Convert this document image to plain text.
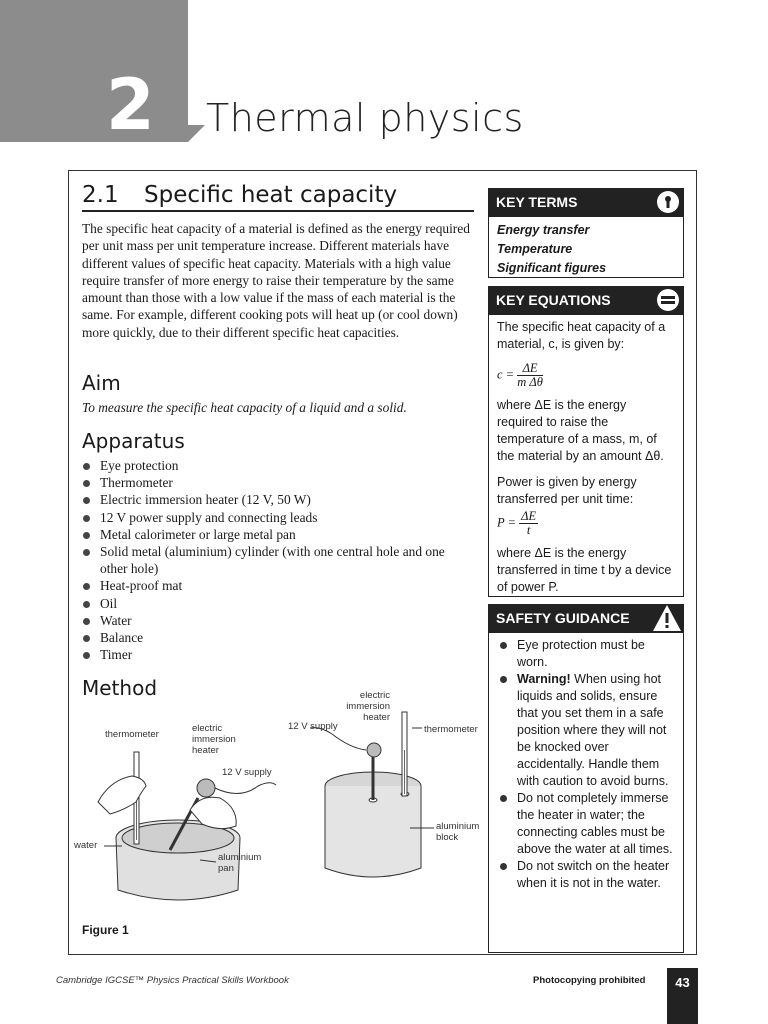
2 Thermal physics
2.1 Specific heat capacity
The specific heat capacity of a material is defined as the energy required per unit mass per unit temperature increase. Different materials have different values of specific heat capacity. Materials with a high value require transfer of more energy to raise their temperature by the same amount than those with a low value if the mass of each material is the same. For example, different cooking pots will heat up (or cool down) more quickly, due to their different specific heat capacities.
Aim
To measure the specific heat capacity of a liquid and a solid.
Apparatus
Eye protection
Thermometer
Electric immersion heater (12 V, 50 W)
12 V power supply and connecting leads
Metal calorimeter or large metal pan
Solid metal (aluminium) cylinder (with one central hole and one other hole)
Heat-proof mat
Oil
Water
Balance
Timer
Method
thermometer
electric immersion heater
12 V supply
water
aluminium pan
electric immersion heater
12 V supply	thermometer
aluminium block
Figure 1
KEY TERMS
Energy transfer
Temperature
Significant figures
KEY EQUATIONS

The specific heat capacity of a material, c, is given by:

$c = \frac{\Delta E}{\text{m Δθ}}$

where ΔE is the energy required to raise the temperature of a mass, m, of the material by an amount Δθ.

Power is given by energy transferred per unit time:

$P = \frac{\Delta E}{t}$

where ΔE is the energy transferred in time t by a device of power P.

SAFETY GUIDANCE
Eye protection must be worn.
Warning! When using hot liquids and solids, ensure that you set them in a safe position where they will not be knocked over accidentally. Handle them with caution to avoid burns.
Do not completely immerse the heater in water; the connecting cables must be above the water at all times.
Do not switch on the heater when it is not in the water.
Cambridge IGCSE™ Physics Practical Skills Workbook	Photocopying prohibited	43
